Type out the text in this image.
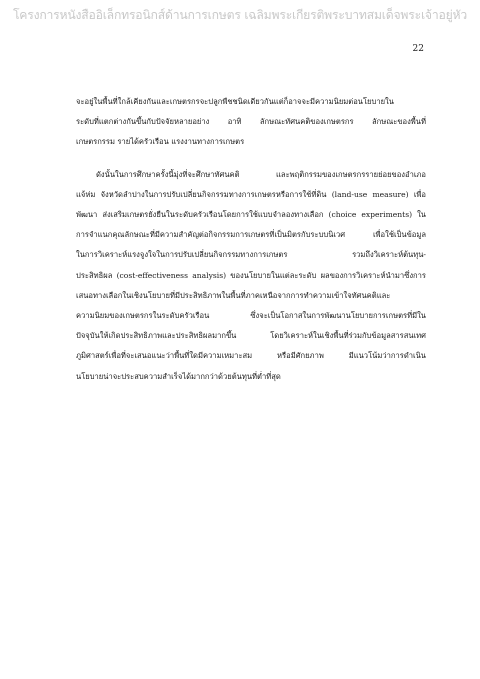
โครงการหนังสืออิเล็กทรอนิกส์ด้านการเกษตร เฉลิมพระเกียรติพระบาทสมเด็จพระเจ้าอยู่หัว
22

จะอยู่ในพื้นที่ใกล้เคียงกันและเกษตรกรจะปลูกพืชชนิดเดียวกันแต่ก็อาจจะมีความนิยมต่อนโยบายใน
ระดับที่แตกต่างกันขึ้นกับปัจจัยหลายอย่าง อาทิ ลักษณะทัศนคติของเกษตรกร ลักษณะของพื้นที่
เกษตรกรรม รายได้ครัวเรือน แรงงานทางการเกษตร

ดังนั้นในการศึกษาครั้งนี้มุ่งที่จะศึกษาทัศนคติ และพฤติกรรมของเกษตรกรรายย่อยของอำเภอ
แจ้ห่ม จังหวัดลำปางในการปรับเปลี่ยนกิจกรรมทางการเกษตรหรือการใช้ที่ดิน (land-use measure) เพื่อ
พัฒนา ส่งเสริมเกษตรยั่งยืนในระดับครัวเรือนโดยการใช้แบบจำลองทางเลือก (choice experiments) ใน
การจำแนกคุณลักษณะที่มีความสำคัญต่อกิจกรรมการเกษตรที่เป็นมิตรกับระบบนิเวศ เพื่อใช้เป็นข้อมูล
ในการวิเคราะห์แรงจูงใจในการปรับเปลี่ยนกิจกรรมทางการเกษตร รวมถึงวิเคราะห์ต้นทุน-
ประสิทธิผล (cost-effectiveness analysis) ของนโยบายในแต่ละระดับ ผลของการวิเคราะห์นำมาซึ่งการ
เสนอทางเลือกในเชิงนโยบายที่มีประสิทธิภาพในพื้นที่ภาคเหนือจากการทำความเข้าใจทัศนคติและ
ความนิยมของเกษตรกรในระดับครัวเรือน ซึ่งจะเป็นโอกาสในการพัฒนานโยบายการเกษตรที่มีใน
ปัจจุบันให้เกิดประสิทธิภาพและประสิทธิผลมากขึ้น โดยวิเคราะห์ในเชิงพื้นที่ร่วมกับข้อมูลสารสนเทศ
ภูมิศาสตร์เพื่อที่จะเสนอแนะว่าพื้นที่ใดมีความเหมาะสม หรือมีศักยภาพ มีแนวโน้มว่าการดำเนิน
นโยบายน่าจะประสบความสำเร็จได้มากกว่าด้วยต้นทุนที่ต่ำที่สุด
